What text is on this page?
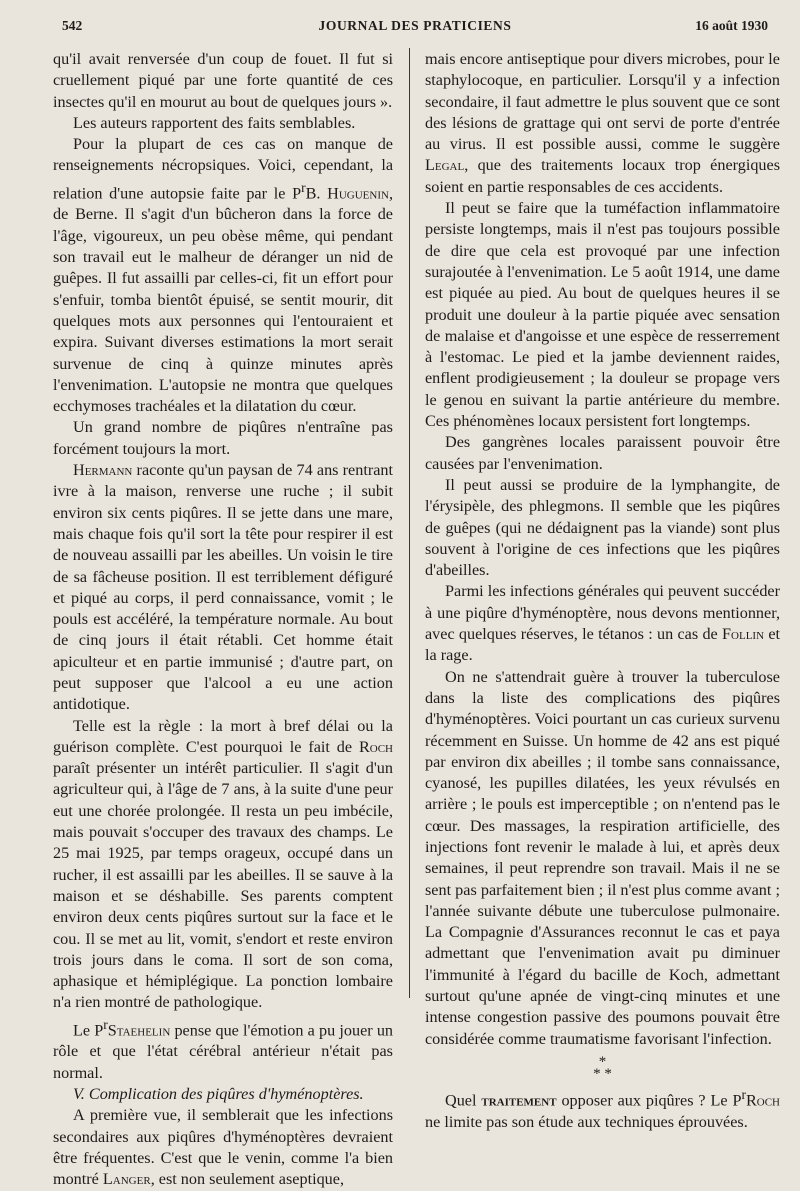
542	JOURNAL DES PRATICIENS	16 août 1930

qu'il avait renversée d'un coup de fouet. Il fut si cruellement piqué par une forte quantité de ces insectes qu'il en mourut au bout de quelques jours ».

Les auteurs rapportent des faits semblables.

Pour la plupart de ces cas on manque de renseignements nécropsiques. Voici, cependant, la relation d'une autopsie faite par le $P^rB$. Huguenin, de Berne. Il s'agit d'un bûcheron dans la force de l'âge, vigoureux, un peu obèse même, qui pendant son travail eut le malheur de déranger un nid de guêpes. Il fut assailli par celles-ci, fit un effort pour s'enfuir, tomba bientôt épuisé, se sentit mourir, dit quelques mots aux personnes qui l'entouraient et expira. Suivant diverses estimations la mort serait survenue de cinq à quinze minutes après l'envenimation. L'autopsie ne montra que quelques ecchymoses trachéales et la dilatation du cœur.

Un grand nombre de piqûres n'entraîne pas forcément toujours la mort.

Hermann raconte qu'un paysan de 74 ans rentrant ivre à la maison, renverse une ruche ; il subit environ six cents piqûres. Il se jette dans une mare, mais chaque fois qu'il sort la tête pour respirer il est de nouveau assailli par les abeilles. Un voisin le tire de sa fâcheuse position. Il est terriblement défiguré et piqué au corps, il perd connaissance, vomit ; le pouls est accéléré, la température normale. Au bout de cinq jours il était rétabli. Cet homme était apiculteur et en partie immunisé ; d'autre part, on peut supposer que l'alcool a eu une action antidotique.

Telle est la règle : la mort à bref délai ou la guérison complète. C'est pourquoi le fait de Roch paraît présenter un intérêt particulier. Il s'agit d'un agriculteur qui, à l'âge de 7 ans, à la suite d'une peur eut une chorée prolongée. Il resta un peu imbécile, mais pouvait s'occuper des travaux des champs. Le 25 mai 1925, par temps orageux, occupé dans un rucher, il est assailli par les abeilles. Il se sauve à la maison et se déshabille. Ses parents comptent environ deux cents piqûres surtout sur la face et le cou. Il se met au lit, vomit, s'endort et reste environ trois jours dans le coma. Il sort de son coma, aphasique et hémiplégique. La ponction lombaire n'a rien montré de pathologique.

Le $P^rStaehelin$ pense que l'émotion a pu jouer un rôle et que l'état cérébral antérieur n'était pas normal.

V. Complication des piqûres d'hyménoptères.

A première vue, il semblerait que les infections secondaires aux piqûres d'hyménoptères devraient être fréquentes. C'est que le venin, comme l'a bien montré Langer, est non seulement aseptique,

mais encore antiseptique pour divers microbes, pour le staphylocoque, en particulier. Lorsqu'il y a infection secondaire, il faut admettre le plus souvent que ce sont des lésions de grattage qui ont servi de porte d'entrée au virus. Il est possible aussi, comme le suggère Legal, que des traitements locaux trop énergiques soient en partie responsables de ces accidents.

Il peut se faire que la tuméfaction inflammatoire persiste longtemps, mais il n'est pas toujours possible de dire que cela est provoqué par une infection surajoutée à l'envenimation. Le 5 août 1914, une dame est piquée au pied. Au bout de quelques heures il se produit une douleur à la partie piquée avec sensation de malaise et d'angoisse et une espèce de resserrement à l'estomac. Le pied et la jambe deviennent raides, enflent prodigieusement ; la douleur se propage vers le genou en suivant la partie antérieure du membre. Ces phénomènes locaux persistent fort longtemps.

Des gangrènes locales paraissent pouvoir être causées par l'envenimation.

Il peut aussi se produire de la lymphangite, de l'érysipèle, des phlegmons. Il semble que les piqûres de guêpes (qui ne dédaignent pas la viande) sont plus souvent à l'origine de ces infections que les piqûres d'abeilles.

Parmi les infections générales qui peuvent succéder à une piqûre d'hyménoptère, nous devons mentionner, avec quelques réserves, le tétanos : un cas de Follin et la rage.

On ne s'attendrait guère à trouver la tuberculose dans la liste des complications des piqûres d'hyménoptères. Voici pourtant un cas curieux survenu récemment en Suisse. Un homme de 42 ans est piqué par environ dix abeilles ; il tombe sans connaissance, cyanosé, les pupilles dilatées, les yeux révulsés en arrière ; le pouls est imperceptible ; on n'entend pas le cœur. Des massages, la respiration artificielle, des injections font revenir le malade à lui, et après deux semaines, il peut reprendre son travail. Mais il ne se sent pas parfaitement bien ; il n'est plus comme avant ; l'année suivante débute une tuberculose pulmonaire. La Compagnie d'Assurances reconnut le cas et paya admettant que l'envenimation avait pu diminuer l'immunité à l'égard du bacille de Koch, admettant surtout qu'une apnée de vingt-cinq minutes et une intense congestion passive des poumons pouvait être considérée comme traumatisme favorisant l'infection.

*
* *

Quel traitement opposer aux piqûres ? Le $P^rRoch$ ne limite pas son étude aux techniques éprouvées.
